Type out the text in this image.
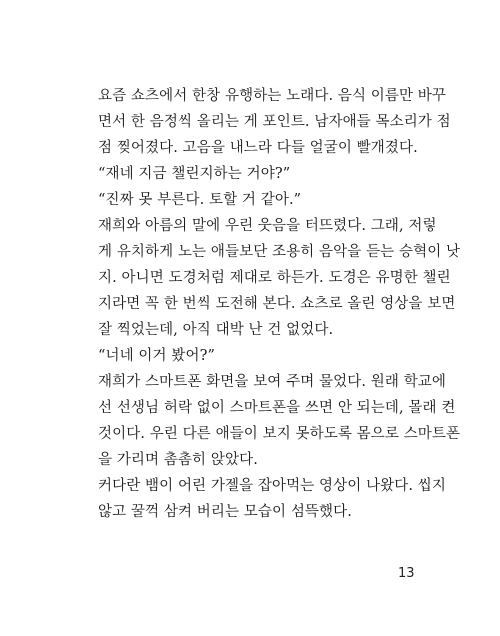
요즘 쇼츠에서 한창 유행하는 노래다. 음식 이름만 바꾸
면서 한 음정씩 올리는 게 포인트. 남자애들 목소리가 점
점 찢어졌다. 고음을 내느라 다들 얼굴이 빨개졌다.
“재네 지금 챌린지하는 거야?”
“진짜 못 부른다. 토할 거 같아.”
재희와 아름의 말에 우린 웃음을 터뜨렸다. 그래, 저렇
게 유치하게 노는 애들보단 조용히 음악을 듣는 승혁이 낫
지. 아니면 도경처럼 제대로 하든가. 도경은 유명한 챌린
지라면 꼭 한 번씩 도전해 본다. 쇼츠로 올린 영상을 보면
잘 찍었는데, 아직 대박 난 건 없었다.
“너네 이거 봤어?”
재희가 스마트폰 화면을 보여 주며 물었다. 원래 학교에
선 선생님 허락 없이 스마트폰을 쓰면 안 되는데, 몰래 켠
것이다. 우린 다른 애들이 보지 못하도록 몸으로 스마트폰
을 가리며 촘촘히 앉았다.
커다란 뱀이 어린 가젤을 잡아먹는 영상이 나왔다. 씹지
않고 꿀꺽 삼켜 버리는 모습이 섬뜩했다.
13
